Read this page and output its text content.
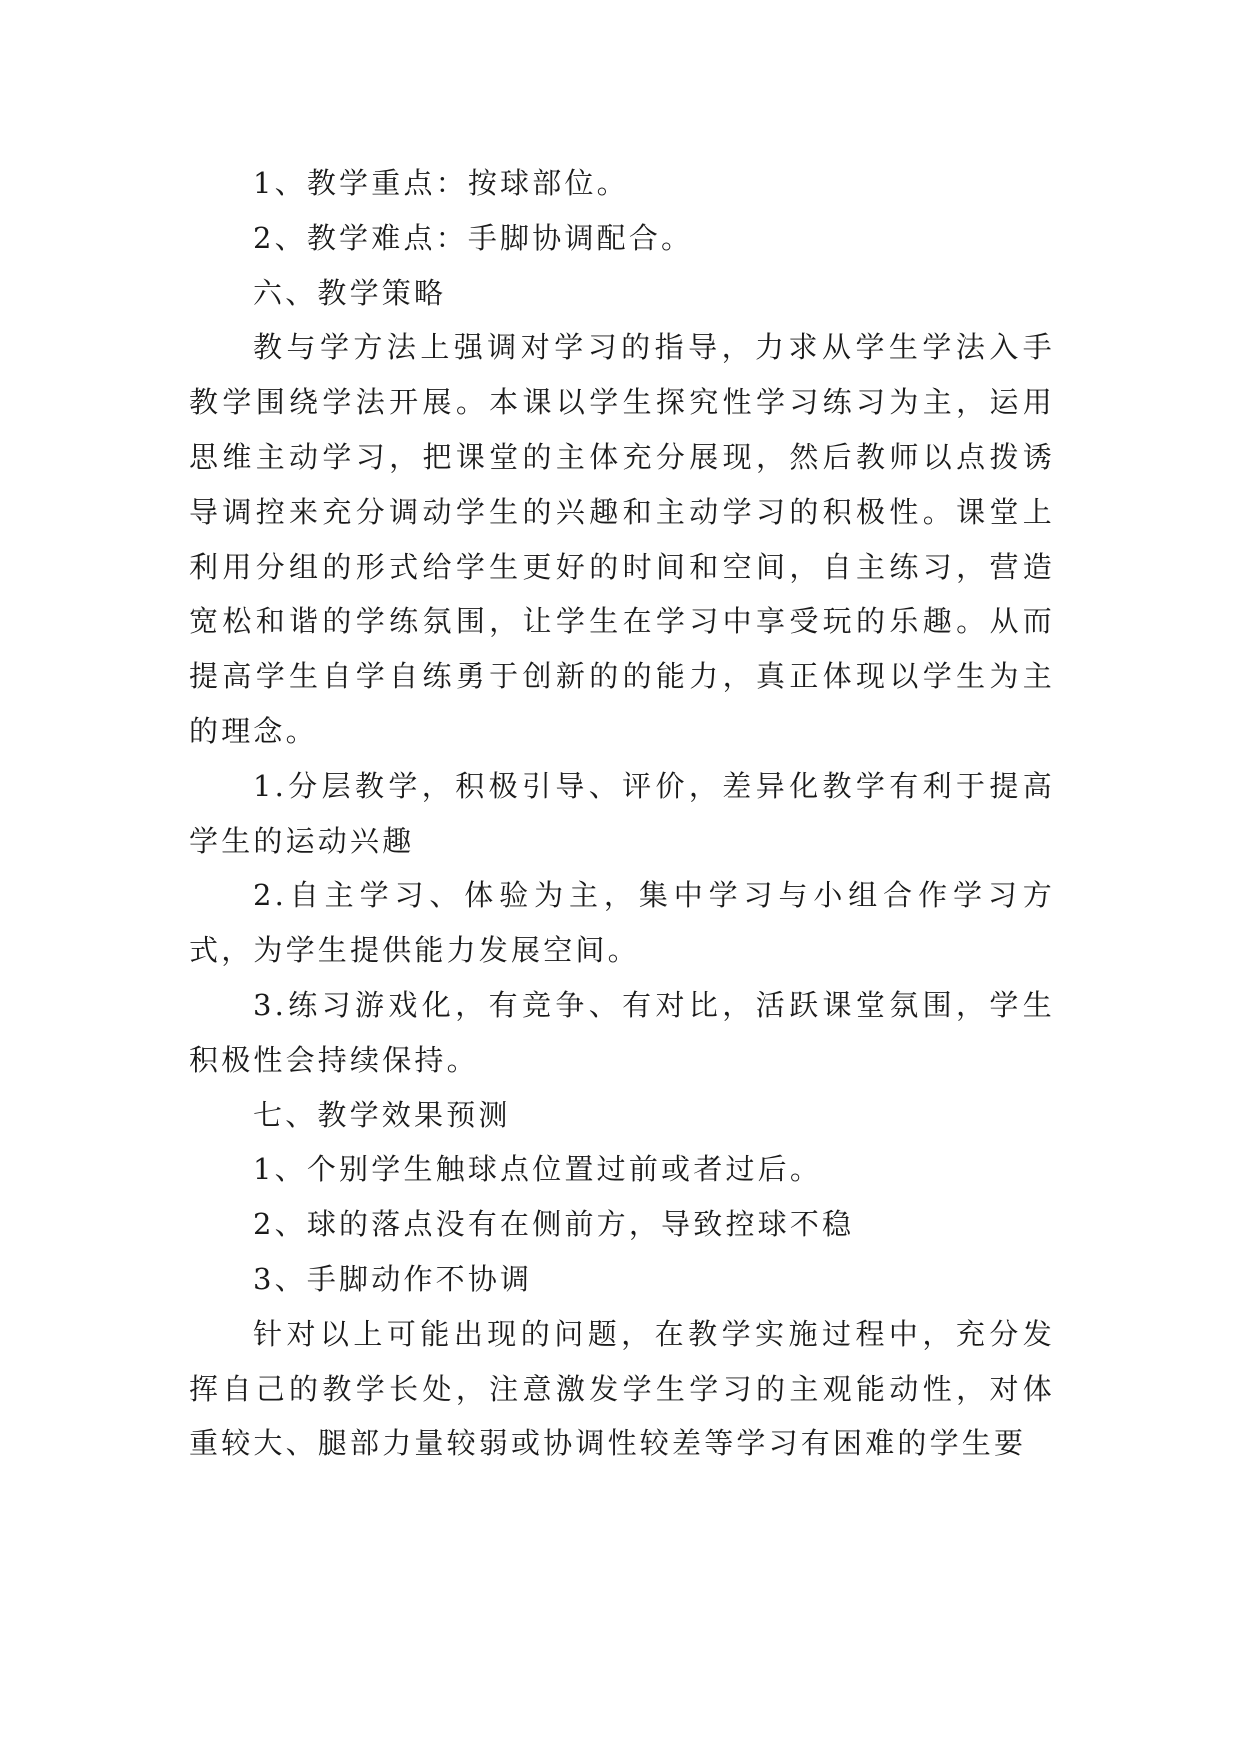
1、教学重点：按球部位。

2、教学难点：手脚协调配合。

六、教学策略

教与学方法上强调对学习的指导，力求从学生学法入手教学围绕学法开展。本课以学生探究性学习练习为主，运用思维主动学习，把课堂的主体充分展现，然后教师以点拨诱导调控来充分调动学生的兴趣和主动学习的积极性。课堂上利用分组的形式给学生更好的时间和空间，自主练习，营造宽松和谐的学练氛围，让学生在学习中享受玩的乐趣。从而提高学生自学自练勇于创新的的能力，真正体现以学生为主的理念。

1.分层教学，积极引导、评价，差异化教学有利于提高学生的运动兴趣

2.自主学习、体验为主，集中学习与小组合作学习方式，为学生提供能力发展空间。

3.练习游戏化，有竞争、有对比，活跃课堂氛围，学生积极性会持续保持。

七、教学效果预测

1、个别学生触球点位置过前或者过后。

2、球的落点没有在侧前方，导致控球不稳

3、手脚动作不协调

针对以上可能出现的问题，在教学实施过程中，充分发挥自己的教学长处，注意激发学生学习的主观能动性，对体重较大、腿部力量较弱或协调性较差等学习有困难的学生要
